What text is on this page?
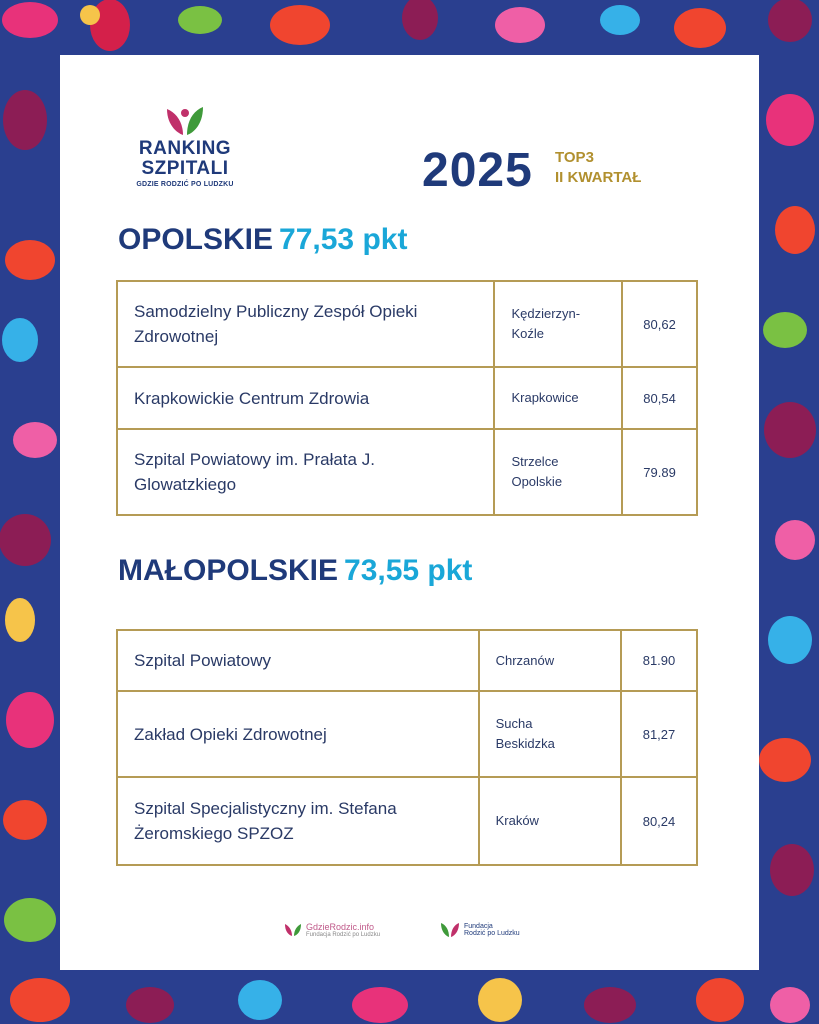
RANKING
SZPITALI
GDZIE RODZIĆ PO LUDZKU	2025 TOP3
II KWARTAŁ
OPOLSKIE 77,53 pkt
Samodzielny Publiczny Zespół Opieki Zdrowotnej	Kędzierzyn-Koźle	80,62
Krapkowickie Centrum Zdrowia	Krapkowice	80,54
Szpital Powiatowy im. Prałata J. Glowatzkiego	Strzelce Opolskie	79.89
MAŁOPOLSKIE 73,55 pkt
Szpital Powiatowy	Chrzanów	81.90
Zakład Opieki Zdrowotnej	Sucha Beskidzka	81,27
Szpital Specjalistyczny im. Stefana Żeromskiego SPZOZ	Kraków	80,24
GdzieRodzic.info
Fundacja Rodzić po Ludzku
Fundacja
Rodzić po Ludzku
